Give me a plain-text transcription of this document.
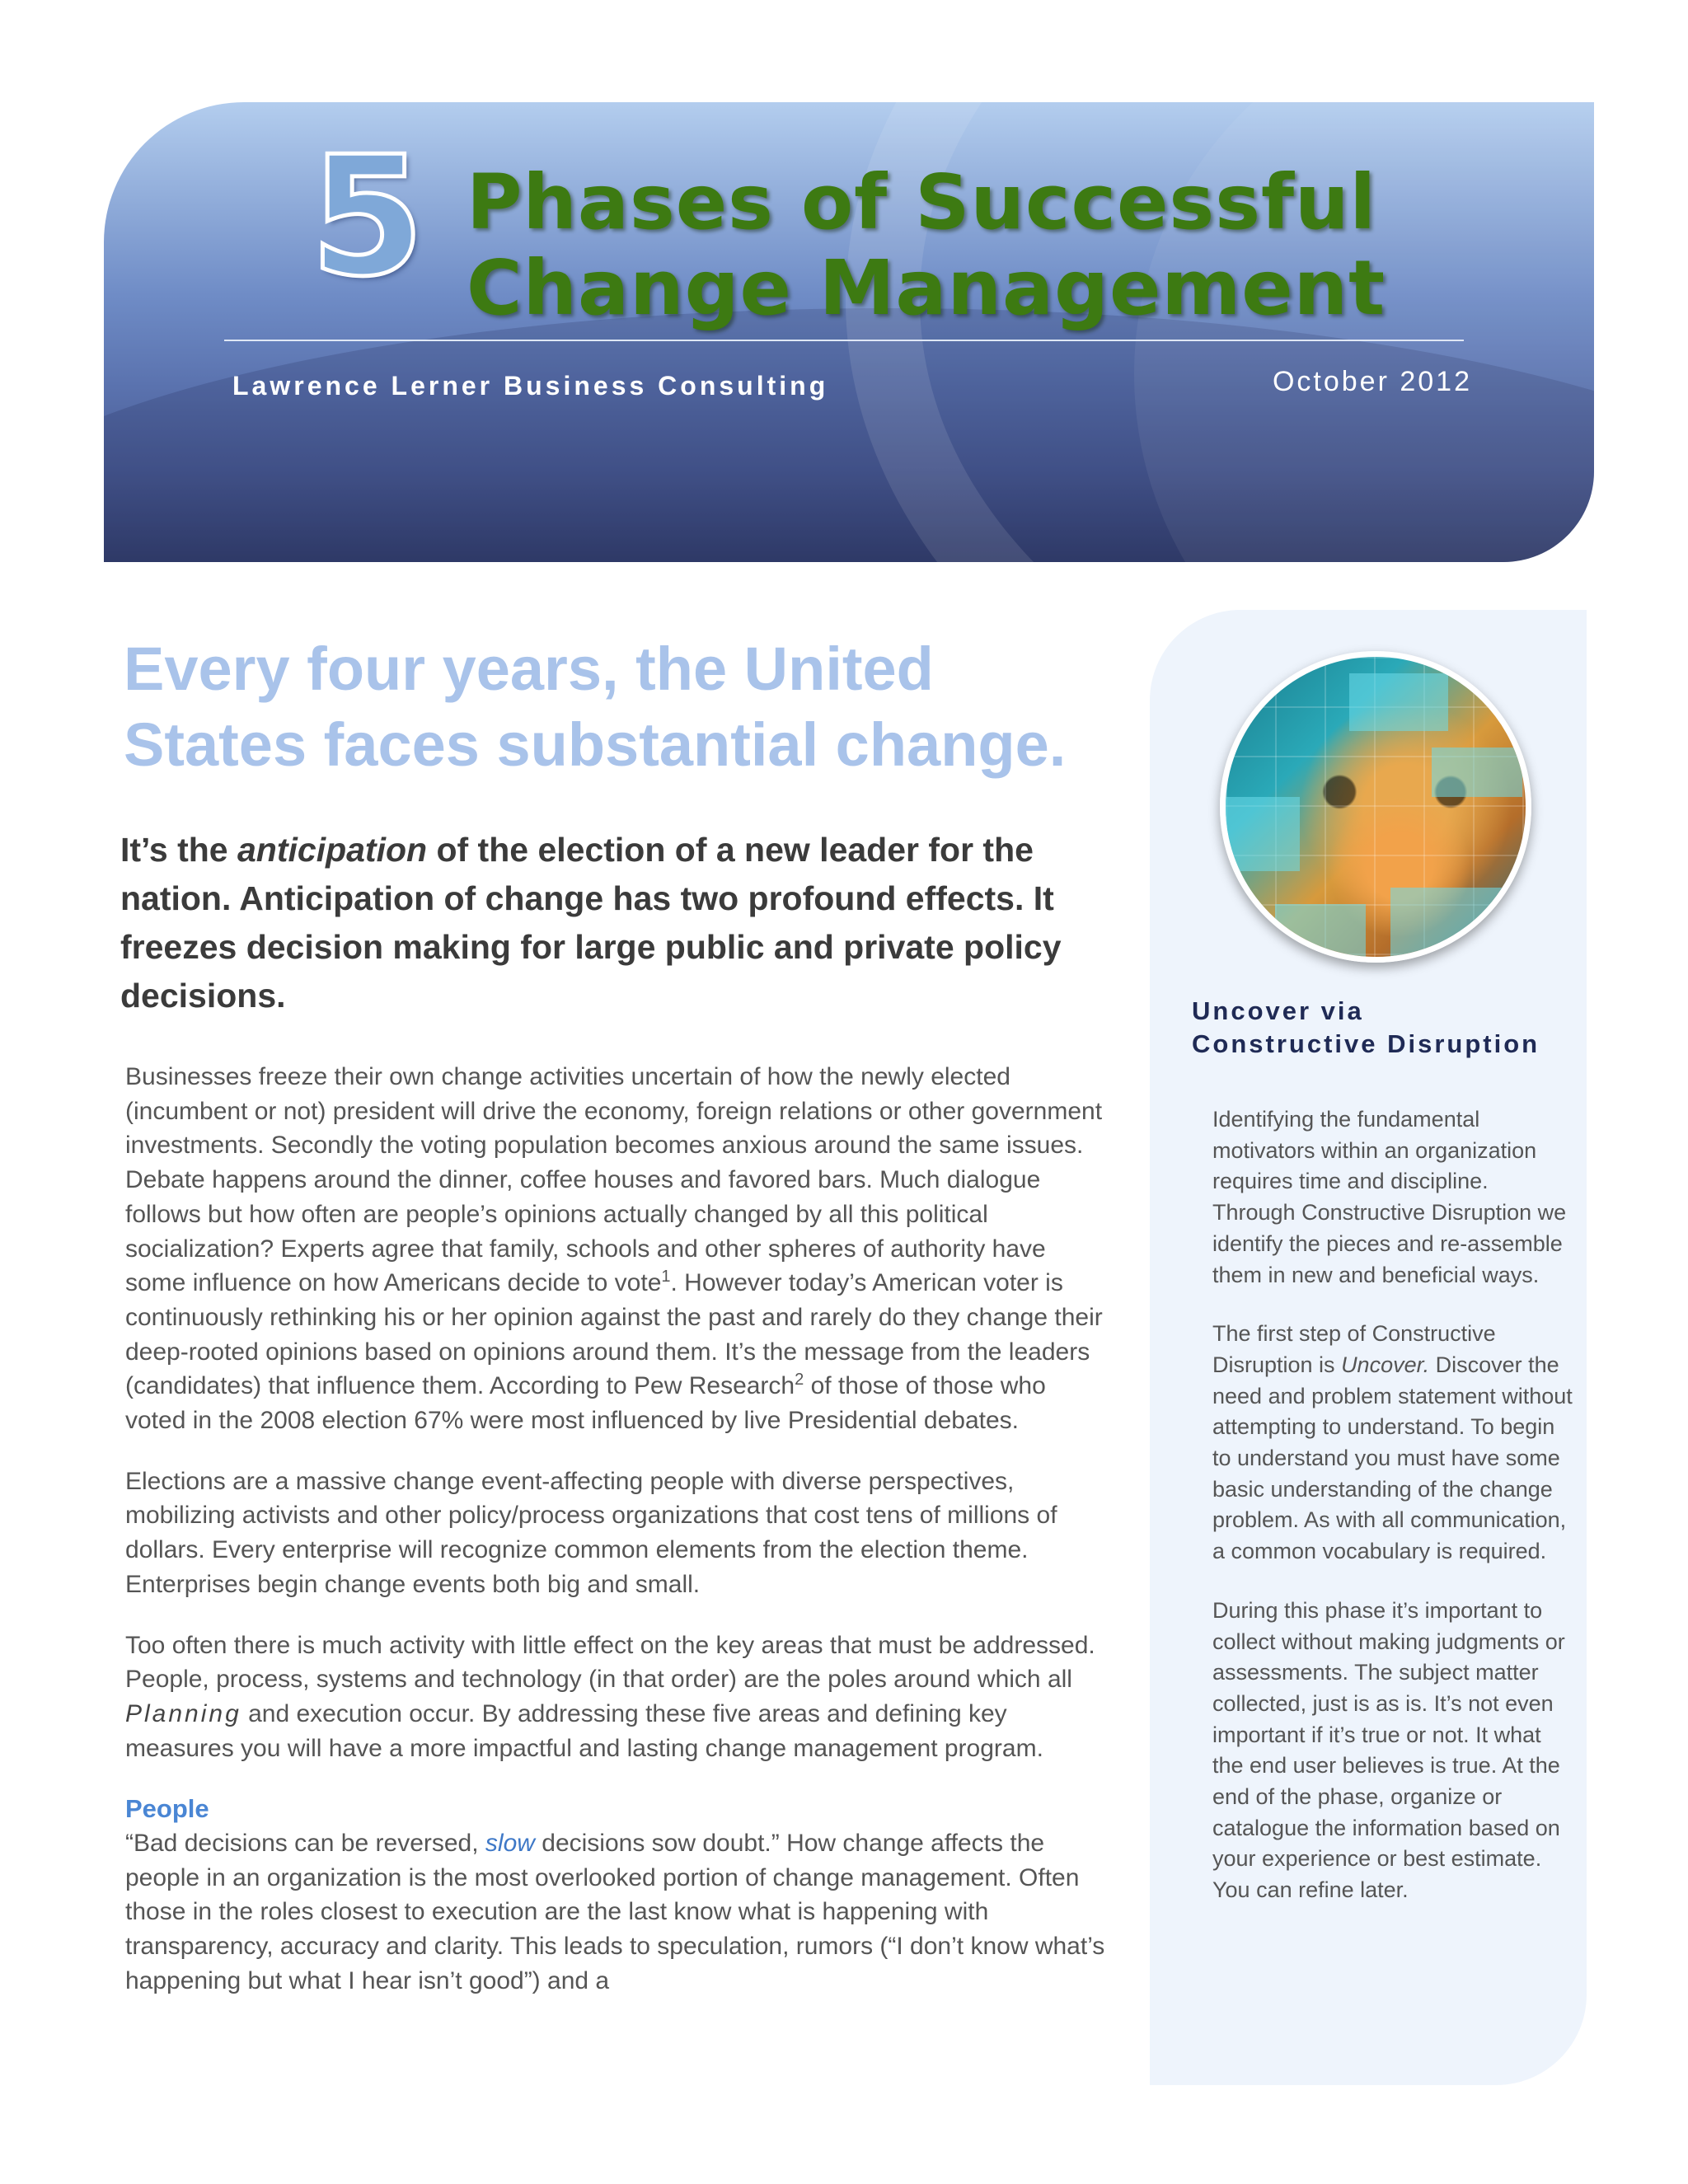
5 Phases of Successful
Change Management
Lawrence Lerner Business Consulting	October 2012
Every four years, the United States faces substantial change.

It’s the anticipation of the election of a new leader for the nation. Anticipation of change has two profound effects. It freezes decision making for large public and private policy decisions.

Businesses freeze their own change activities uncertain of how the newly elected (incumbent or not) president will drive the economy, foreign relations or other government investments. Secondly the voting population becomes anxious around the same issues. Debate happens around the dinner, coffee houses and favored bars. Much dialogue follows but how often are people’s opinions actually changed by all this political socialization? Experts agree that family, schools and other spheres of authority have some influence on how Americans decide to vote$^1$. However today’s American voter is continuously rethinking his or her opinion against the past and rarely do they change their deep-rooted opinions based on opinions around them. It’s the message from the leaders (candidates) that influence them. According to Pew Research$^2$ of those of those who voted in the 2008 election 67% were most influenced by live Presidential debates.

Elections are a massive change event-affecting people with diverse perspectives, mobilizing activists and other policy/process organizations that cost tens of millions of dollars. Every enterprise will recognize common elements from the election theme. Enterprises begin change events both big and small.

Too often there is much activity with little effect on the key areas that must be addressed. People, process, systems and technology (in that order) are the poles around which all Planning and execution occur. By addressing these five areas and defining key measures you will have a more impactful and lasting change management program.

People
“Bad decisions can be reversed, slow decisions sow doubt.” How change affects the people in an organization is the most overlooked portion of change management. Often those in the roles closest to execution are the last know what is happening with transparency, accuracy and clarity. This leads to speculation, rumors (“I don’t know what’s happening but what I hear isn’t good”) and a

Uncover via Constructive Disruption

Identifying the fundamental motivators within an organization requires time and discipline. Through Constructive Disruption we identify the pieces and re-assemble them in new and beneficial ways.

The first step of Constructive Disruption is Uncover. Discover the need and problem statement without attempting to understand. To begin to understand you must have some basic understanding of the change problem. As with all communication, a common vocabulary is required.

During this phase it’s important to collect without making judgments or assessments. The subject matter collected, just is as is. It’s not even important if it’s true or not. It what the end user believes is true. At the end of the phase, organize or catalogue the information based on your experience or best estimate. You can refine later.
